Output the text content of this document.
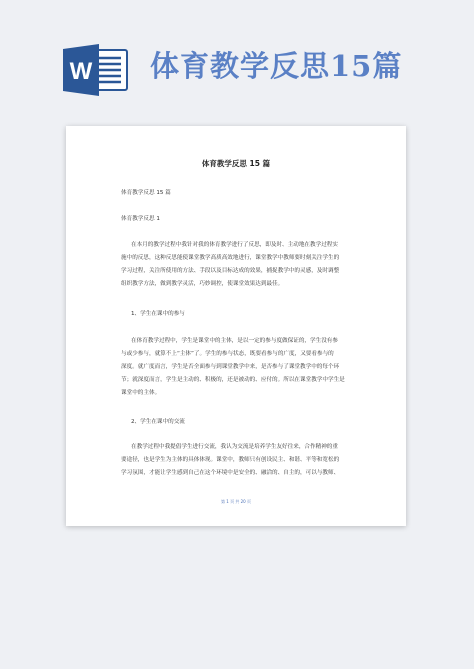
W 体育教学反思15篇
体育教学反思 15 篇
体育教学反思 15 篇
体育教学反思 1
在本月的教学过程中我针对我的体育教学进行了反思，即及时、主动地在教学过程实
施中的反思，这种反思能使课堂教学高质高效地进行，课堂教学中教师要时刻关注学生的
学习过程，关注所使用的方法、手段以及目标达成的效果，捕捉教学中的灵感，及时调整
组织教学方法，做到教学灵活，巧妙调控，使课堂效果达到最佳。
1、学生在课中的参与
在体育教学过程中，学生是课堂中的主体，是以一定的参与度做保证的，学生没有参
与或少参与，就算不上“主体”了。学生的参与状态，既要看参与的广度，又要看参与的
深度。就广度而言，学生是否全面参与到课堂教学中来，是否参与了课堂教学中的每个环
节；就深度而言，学生是主动的、积极的，还是被动的、应付的。所以在课堂教学中学生是
课堂中的主体。
2、学生在课中的交流
在教学过程中我提倡学生进行交流，我认为交流是培养学生友好往来，合作精神的重
要途径，也是学生为主体的具体体现。课堂中，教师只有创设民主、和谐、平等和宽松的
学习氛围，才能让学生感到自己在这个环境中是安全的、融洽的、自主的，可以与教师、
第 1 页 共 20 页
